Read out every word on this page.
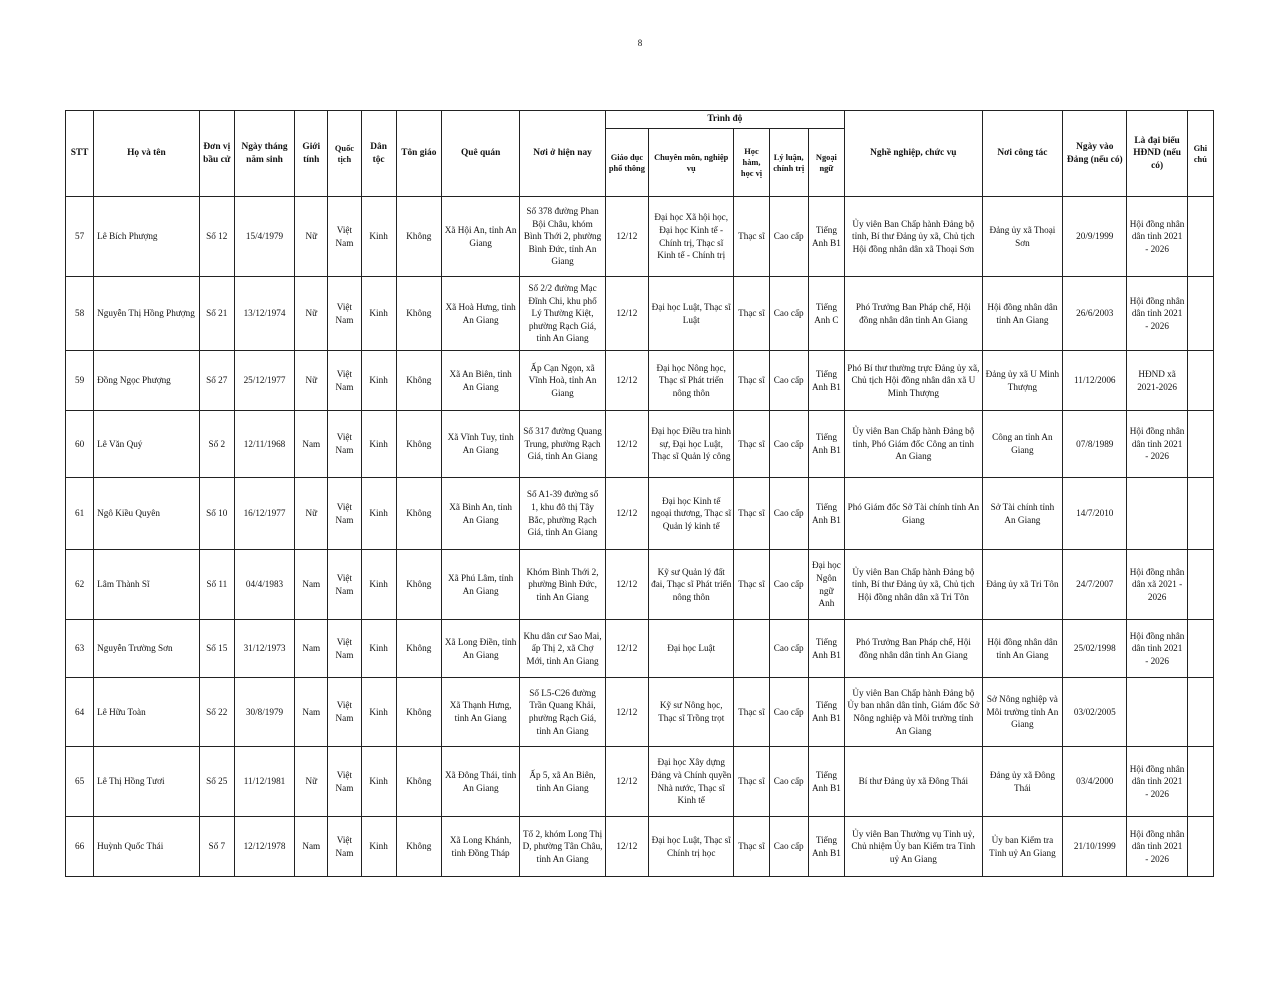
8
STT	Họ và tên	Đơn vị bầu cử	Ngày tháng năm sinh	Giới tính	Quốc tịch	Dân tộc	Tôn giáo	Quê quán	Nơi ở hiện nay	Trình độ					Nghề nghiệp, chức vụ	Nơi công tác	Ngày vào Đảng (nếu có)	Là đại biểu HĐND (nếu có)	Ghi chú
										Giáo dục phổ thông	Chuyên môn, nghiệp vụ	Học hàm, học vị	Lý luận, chính trị	Ngoại ngữ					
57	Lê Bích Phượng	Số 12	15/4/1979	Nữ	Việt Nam	Kinh	Không	Xã Hội An, tỉnh An Giang	Số 378 đường Phan Bội Châu, khóm Bình Thới 2, phường Bình Đức, tỉnh An Giang	12/12	Đại học Xã hội học, Đại học Kinh tế - Chính trị, Thạc sĩ Kinh tế - Chính trị	Thạc sĩ	Cao cấp	Tiếng Anh B1	Ủy viên Ban Chấp hành Đảng bộ tỉnh, Bí thư Đảng ủy xã, Chủ tịch Hội đồng nhân dân xã Thoại Sơn	Đảng ủy xã Thoại Sơn	20/9/1999	Hội đồng nhân dân tỉnh 2021 - 2026	
58	Nguyễn Thị Hồng Phượng	Số 21	13/12/1974	Nữ	Việt Nam	Kinh	Không	Xã Hoà Hưng, tỉnh An Giang	Số 2/2 đường Mạc Đĩnh Chi, khu phố Lý Thường Kiệt, phường Rạch Giá, tỉnh An Giang	12/12	Đại học Luật, Thạc sĩ Luật	Thạc sĩ	Cao cấp	Tiếng Anh C	Phó Trưởng Ban Pháp chế, Hội đồng nhân dân tỉnh An Giang	Hội đồng nhân dân tỉnh An Giang	26/6/2003	Hội đồng nhân dân tỉnh 2021 - 2026	
59	Đồng Ngọc Phượng	Số 27	25/12/1977	Nữ	Việt Nam	Kinh	Không	Xã An Biên, tỉnh An Giang	Ấp Cạn Ngọn, xã Vĩnh Hoà, tỉnh An Giang	12/12	Đại học Nông học, Thạc sĩ Phát triển nông thôn	Thạc sĩ	Cao cấp	Tiếng Anh B1	Phó Bí thư thường trực Đảng ủy xã, Chủ tịch Hội đồng nhân dân xã U Minh Thượng	Đảng ủy xã U Minh Thượng	11/12/2006	HĐND xã 2021-2026	
60	Lê Văn Quý	Số 2	12/11/1968	Nam	Việt Nam	Kinh	Không	Xã Vĩnh Tuy, tỉnh An Giang	Số 317 đường Quang Trung, phường Rạch Giá, tỉnh An Giang	12/12	Đại học Điều tra hình sự, Đại học Luật, Thạc sĩ Quản lý công	Thạc sĩ	Cao cấp	Tiếng Anh B1	Ủy viên Ban Chấp hành Đảng bộ tỉnh, Phó Giám đốc Công an tỉnh An Giang	Công an tỉnh An Giang	07/8/1989	Hội đồng nhân dân tỉnh 2021 - 2026	
61	Ngô Kiều Quyên	Số 10	16/12/1977	Nữ	Việt Nam	Kinh	Không	Xã Bình An, tỉnh An Giang	Số A1-39 đường số 1, khu đô thị Tây Bắc, phường Rạch Giá, tỉnh An Giang	12/12	Đại học Kinh tế ngoại thương, Thạc sĩ Quản lý kinh tế	Thạc sĩ	Cao cấp	Tiếng Anh B1	Phó Giám đốc Sở Tài chính tỉnh An Giang	Sở Tài chính tỉnh An Giang	14/7/2010		
62	Lâm Thành Sĩ	Số 11	04/4/1983	Nam	Việt Nam	Kinh	Không	Xã Phú Lâm, tỉnh An Giang	Khóm Bình Thới 2, phường Bình Đức, tỉnh An Giang	12/12	Kỹ sư Quản lý đất đai, Thạc sĩ Phát triển nông thôn	Thạc sĩ	Cao cấp	Đại học Ngôn ngữ Anh	Ủy viên Ban Chấp hành Đảng bộ tỉnh, Bí thư Đảng ủy xã, Chủ tịch Hội đồng nhân dân xã Tri Tôn	Đảng ủy xã Tri Tôn	24/7/2007	Hội đồng nhân dân xã 2021 - 2026	
63	Nguyễn Trường Sơn	Số 15	31/12/1973	Nam	Việt Nam	Kinh	Không	Xã Long Điền, tỉnh An Giang	Khu dân cư Sao Mai, ấp Thị 2, xã Chợ Mới, tỉnh An Giang	12/12	Đại học Luật		Cao cấp	Tiếng Anh B1	Phó Trưởng Ban Pháp chế, Hội đồng nhân dân tỉnh An Giang	Hội đồng nhân dân tỉnh An Giang	25/02/1998	Hội đồng nhân dân tỉnh 2021 - 2026	
64	Lê Hữu Toàn	Số 22	30/8/1979	Nam	Việt Nam	Kinh	Không	Xã Thạnh Hưng, tỉnh An Giang	Số L5-C26 đường Trần Quang Khải, phường Rạch Giá, tỉnh An Giang	12/12	Kỹ sư Nông học, Thạc sĩ Trồng trọt	Thạc sĩ	Cao cấp	Tiếng Anh B1	Ủy viên Ban Chấp hành Đảng bộ Ủy ban nhân dân tỉnh, Giám đốc Sở Nông nghiệp và Môi trường tỉnh An Giang	Sở Nông nghiệp và Môi trường tỉnh An Giang	03/02/2005		
65	Lê Thị Hồng Tươi	Số 25	11/12/1981	Nữ	Việt Nam	Kinh	Không	Xã Đông Thái, tỉnh An Giang	Ấp 5, xã An Biên, tỉnh An Giang	12/12	Đại học Xây dựng Đảng và Chính quyền Nhà nước, Thạc sĩ Kinh tế	Thạc sĩ	Cao cấp	Tiếng Anh B1	Bí thư Đảng ủy xã Đông Thái	Đảng ủy xã Đông Thái	03/4/2000	Hội đồng nhân dân tỉnh 2021 - 2026	
66	Huỳnh Quốc Thái	Số 7	12/12/1978	Nam	Việt Nam	Kinh	Không	Xã Long Khánh, tỉnh Đồng Tháp	Tổ 2, khóm Long Thị D, phường Tân Châu, tỉnh An Giang	12/12	Đại học Luật, Thạc sĩ Chính trị học	Thạc sĩ	Cao cấp	Tiếng Anh B1	Ủy viên Ban Thường vụ Tỉnh uỷ, Chủ nhiệm Ủy ban Kiểm tra Tỉnh uỷ An Giang	Ủy ban Kiểm tra Tỉnh uỷ An Giang	21/10/1999	Hội đồng nhân dân tỉnh 2021 - 2026	
